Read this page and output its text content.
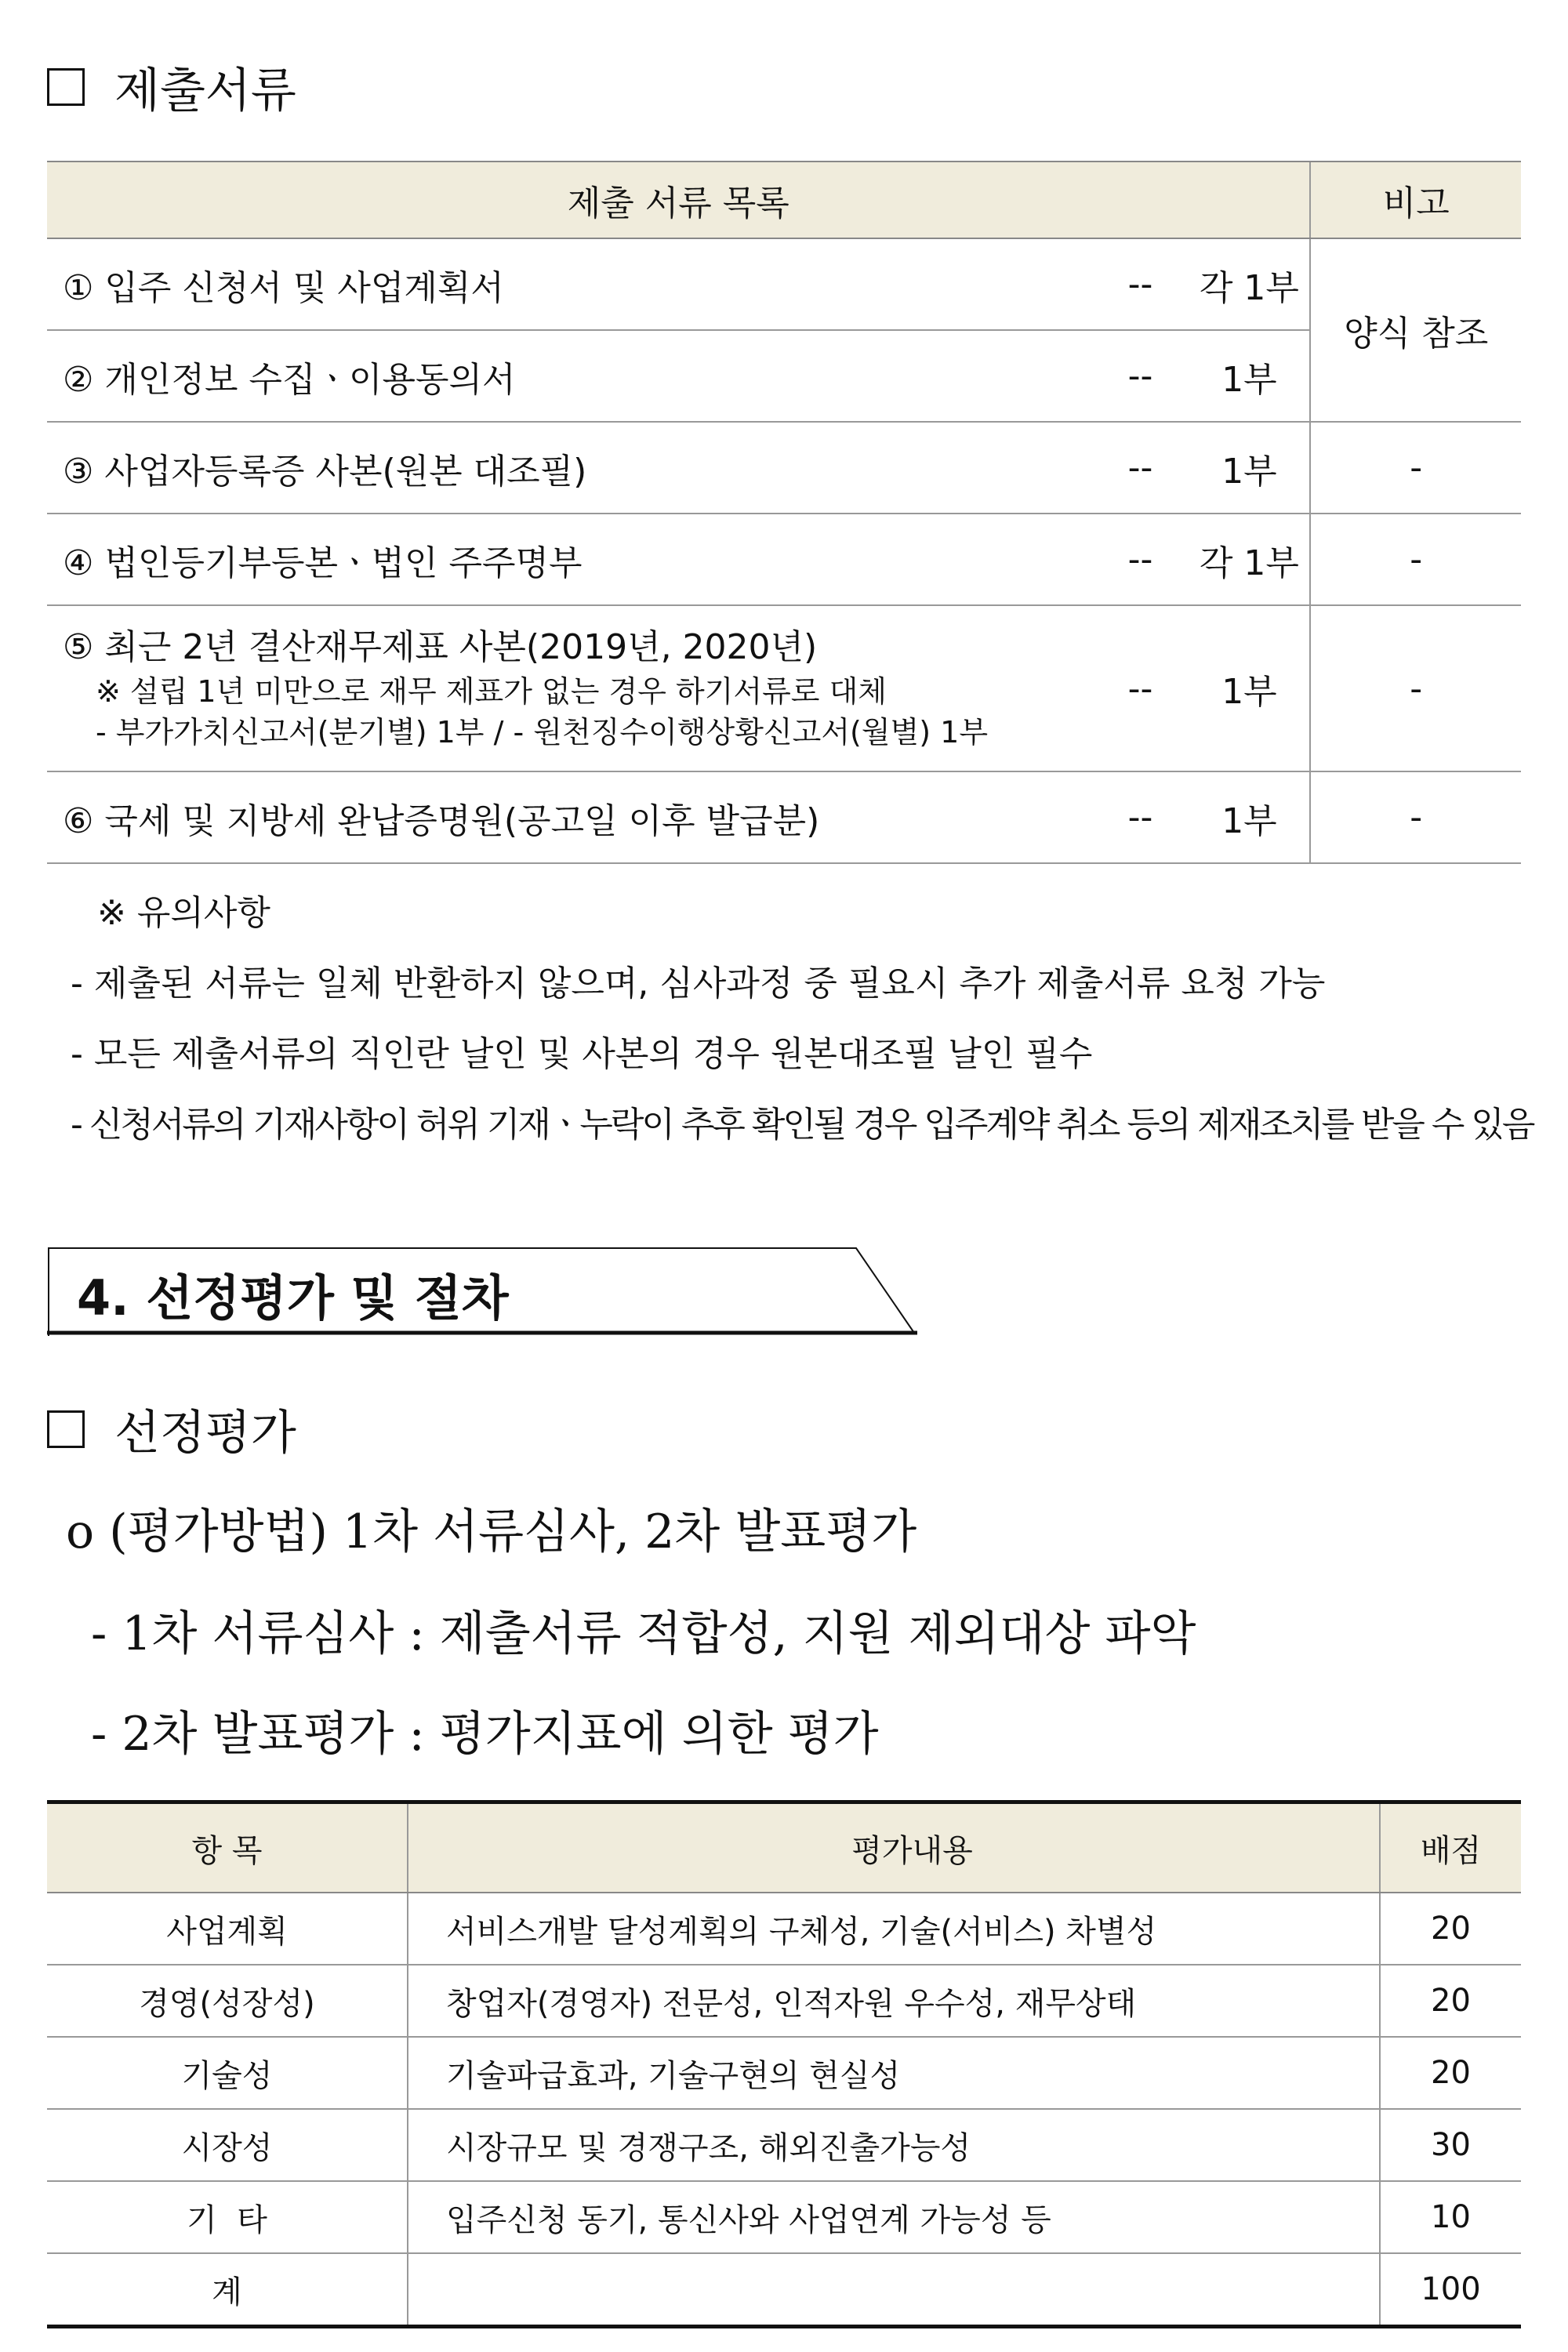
제출서류
제출 서류 목록			비고
① 입주 신청서 및 사업계획서	--	각 1부	양식 참조
② 개인정보 수집ㆍ이용동의서	--	1부	
③ 사업자등록증 사본(원본 대조필)	--	1부	-
④ 법인등기부등본ㆍ법인 주주명부	--	각 1부	-

⑤ 최근 2년 결산재무제표 사본(2019년, 2020년)
※ 설립 1년 미만으로 재무 제표가 없는 경우 하기서류로 대체
- 부가가치신고서(분기별) 1부 / - 원천징수이행상황신고서(월별) 1부	--	1부	-
⑥ 국세 및 지방세 완납증명원(공고일 이후 발급분)	--	1부	-
※ 유의사항
- 제출된 서류는 일체 반환하지 않으며, 심사과정 중 필요시 추가 제출서류 요청 가능
- 모든 제출서류의 직인란 날인 및 사본의 경우 원본대조필 날인 필수
- 신청서류의 기재사항이 허위 기재ㆍ누락이 추후 확인될 경우 입주계약 취소 등의 제재조치를 받을 수 있음
4. 선정평가 및 절차
선정평가
o (평가방법) 1차 서류심사, 2차 발표평가
- 1차 서류심사 : 제출서류 적합성, 지원 제외대상 파악
- 2차 발표평가 : 평가지표에 의한 평가
항 목	평가내용	배점
사업계획	서비스개발 달성계획의 구체성, 기술(서비스) 차별성	20
경영(성장성)	창업자(경영자) 전문성, 인적자원 우수성, 재무상태	20
기술성	기술파급효과, 기술구현의 현실성	20
시장성	시장규모 및 경쟁구조, 해외진출가능성	30
기  타	입주신청 동기, 통신사와 사업연계 가능성 등	10
계		100
